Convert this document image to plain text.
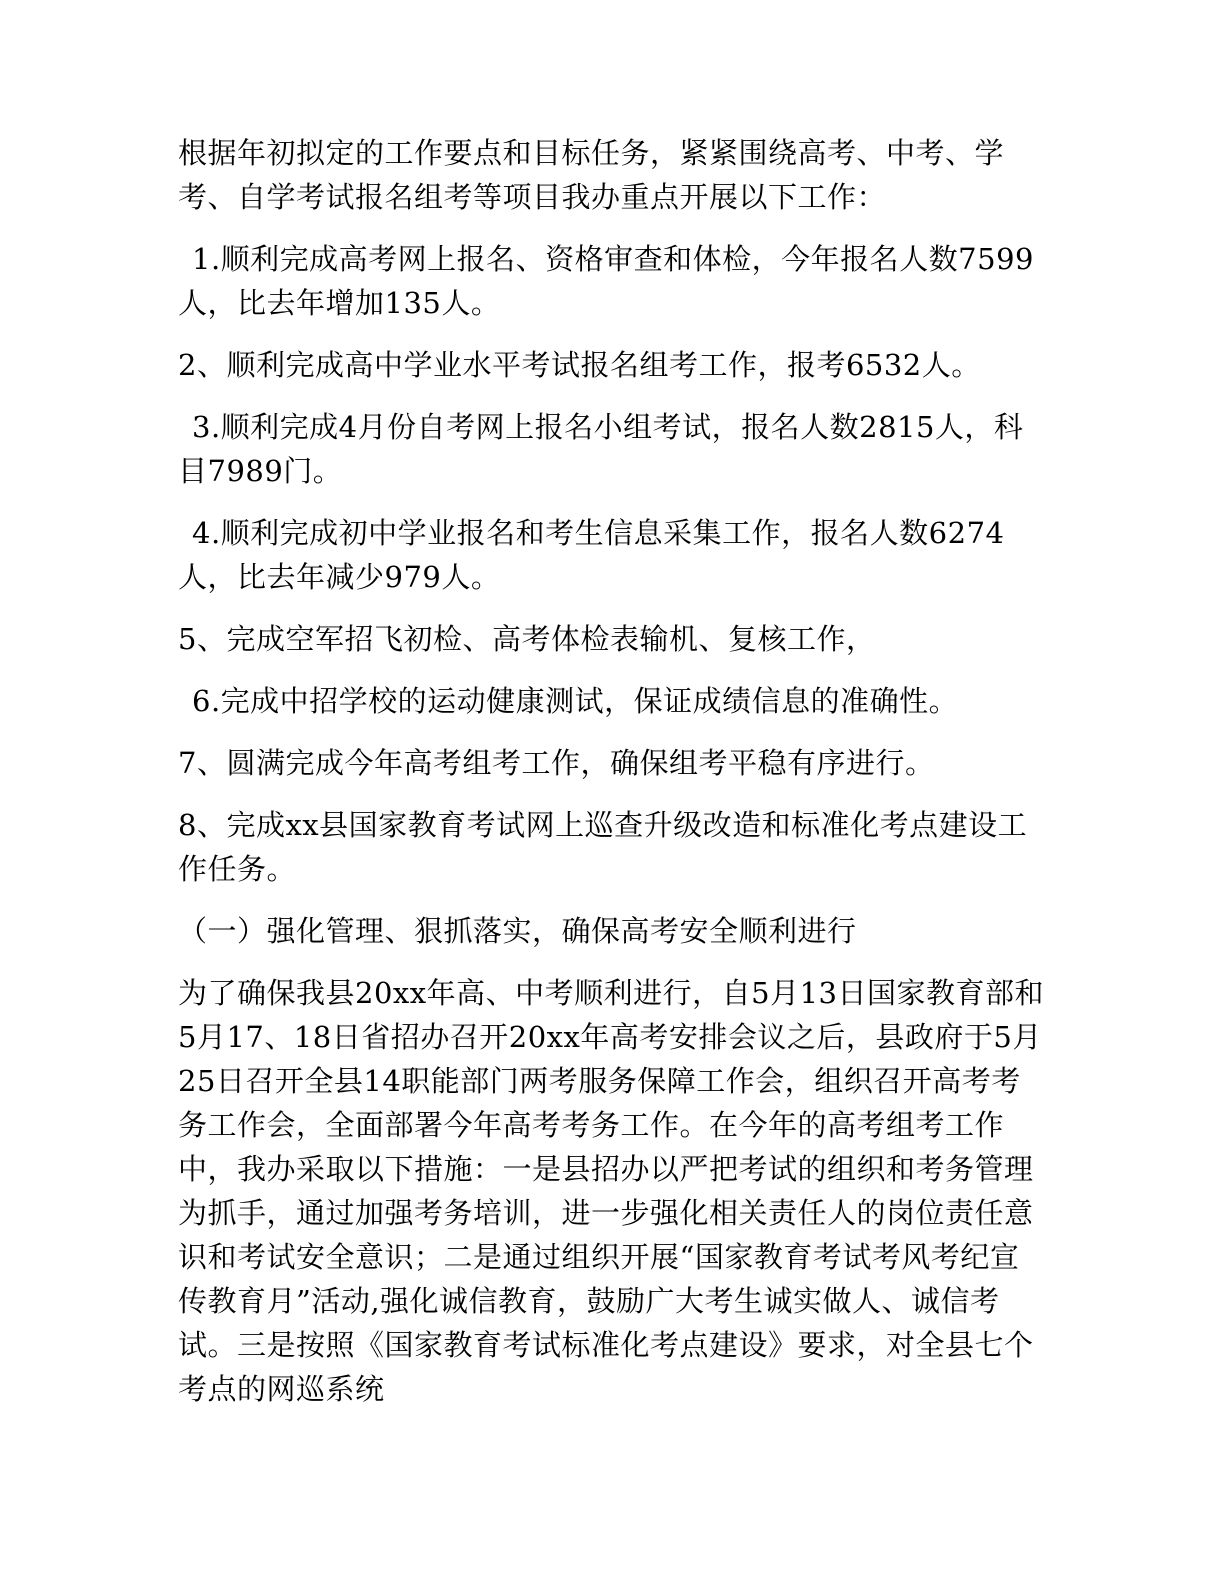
根据年初拟定的工作要点和目标任务，紧紧围绕高考、中考、学考、自学考试报名组考等项目我办重点开展以下工作：

1.顺利完成高考网上报名、资格审查和体检，今年报名人数7599人，比去年增加135人。

2、顺利完成高中学业水平考试报名组考工作，报考6532人。

3.顺利完成4月份自考网上报名小组考试，报名人数2815人，科目7989门。

4.顺利完成初中学业报名和考生信息采集工作，报名人数6274人，比去年减少979人。

5、完成空军招飞初检、高考体检表输机、复核工作，

6.完成中招学校的运动健康测试，保证成绩信息的准确性。

7、圆满完成今年高考组考工作，确保组考平稳有序进行。

8、完成xx县国家教育考试网上巡查升级改造和标准化考点建设工作任务。

（一）强化管理、狠抓落实，确保高考安全顺利进行

为了确保我县20xx年高、中考顺利进行，自5月13日国家教育部和5月17、18日省招办召开20xx年高考安排会议之后，县政府于5月25日召开全县14职能部门两考服务保障工作会，组织召开高考考务工作会，全面部署今年高考考务工作。在今年的高考组考工作中，我办采取以下措施：一是县招办以严把考试的组织和考务管理为抓手，通过加强考务培训，进一步强化相关责任人的岗位责任意识和考试安全意识；二是通过组织开展“国家教育考试考风考纪宣传教育月”活动,强化诚信教育，鼓励广大考生诚实做人、诚信考试。三是按照《国家教育考试标准化考点建设》要求，对全县七个考点的网巡系统
